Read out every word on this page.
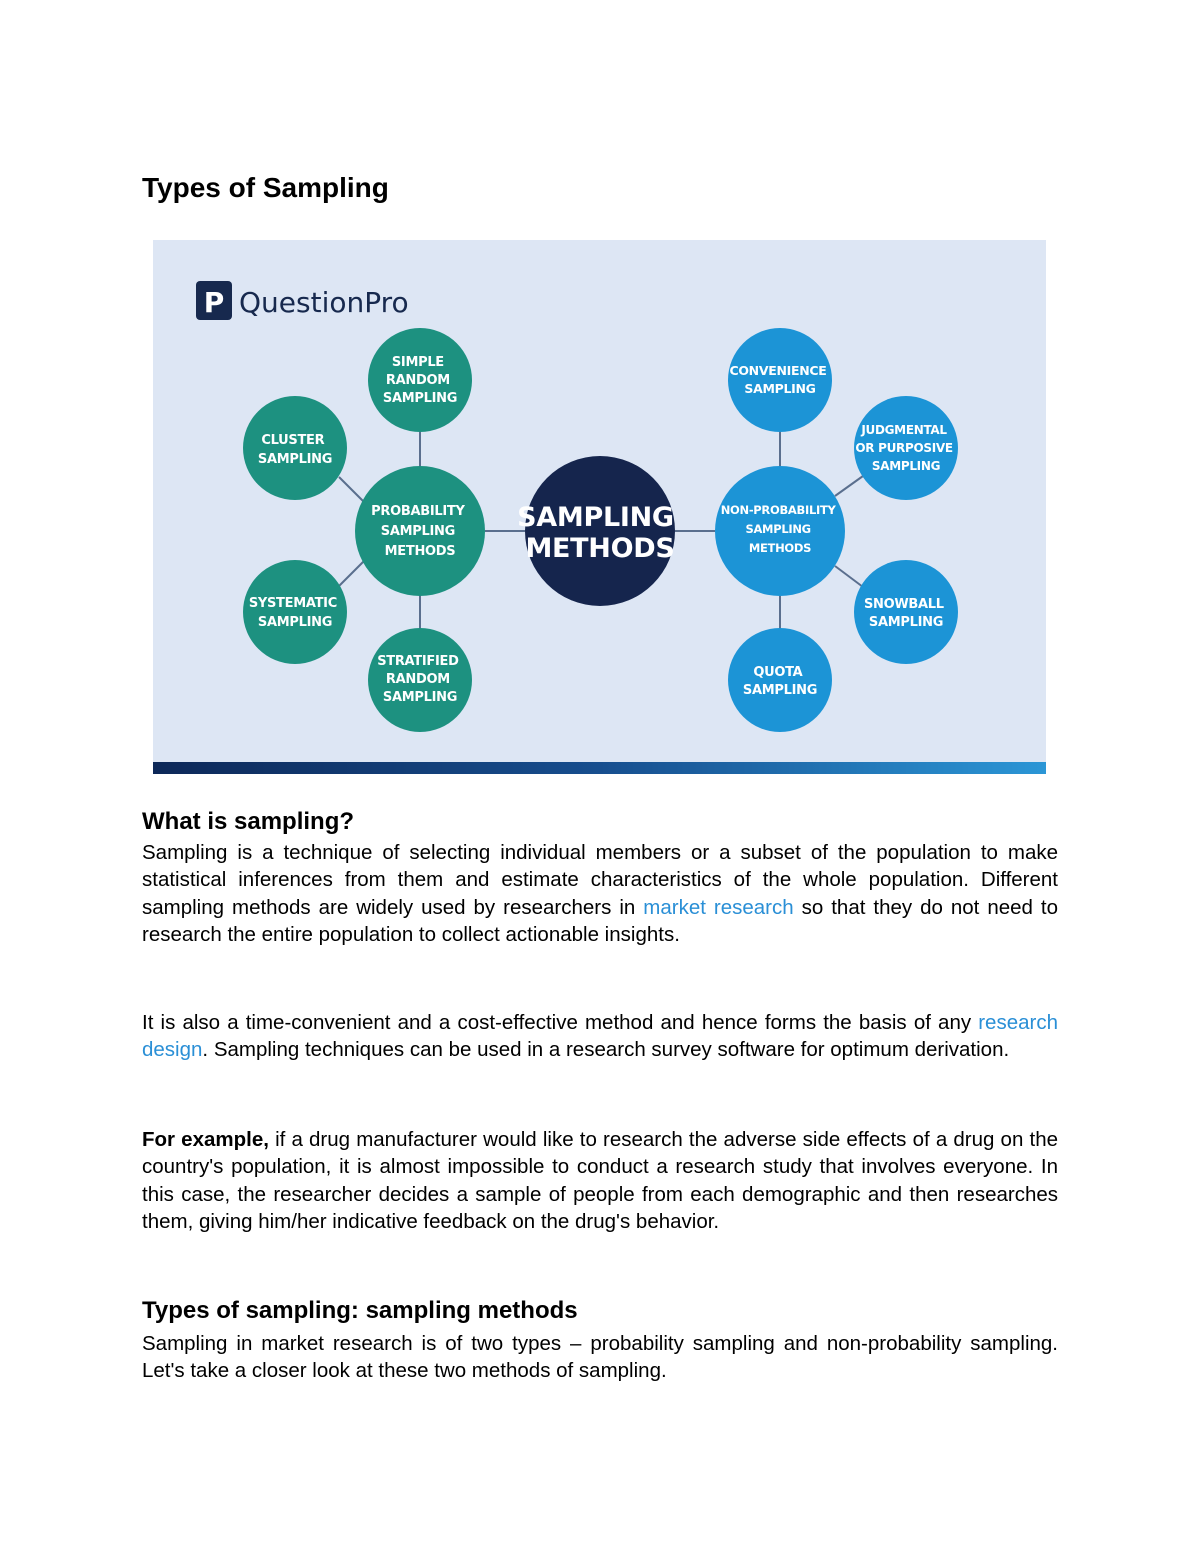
Types of Sampling
P QuestionPro
SAMPLING METHODS
PROBABILITY SAMPLING METHODS
SIMPLE RANDOM SAMPLING
CLUSTER SAMPLING
SYSTEMATIC SAMPLING
STRATIFIED RANDOM SAMPLING
NON-PROBABILITY SAMPLING METHODS
CONVENIENCE SAMPLING
JUDGMENTAL OR PURPOSIVE SAMPLING
SNOWBALL SAMPLING
QUOTA SAMPLING
What is sampling?

Sampling is a technique of selecting individual members or a subset of the population to make statistical inferences from them and estimate characteristics of the whole population. Different sampling methods are widely used by researchers in market research so that they do not need to research the entire population to collect actionable insights.

It is also a time-convenient and a cost-effective method and hence forms the basis of any research design. Sampling techniques can be used in a research survey software for optimum derivation.

For example, if a drug manufacturer would like to research the adverse side effects of a drug on the country's population, it is almost impossible to conduct a research study that involves everyone. In this case, the researcher decides a sample of people from each demographic and then researches them, giving him/her indicative feedback on the drug's behavior.

Types of sampling: sampling methods

Sampling in market research is of two types – probability sampling and non-probability sampling. Let's take a closer look at these two methods of sampling.
